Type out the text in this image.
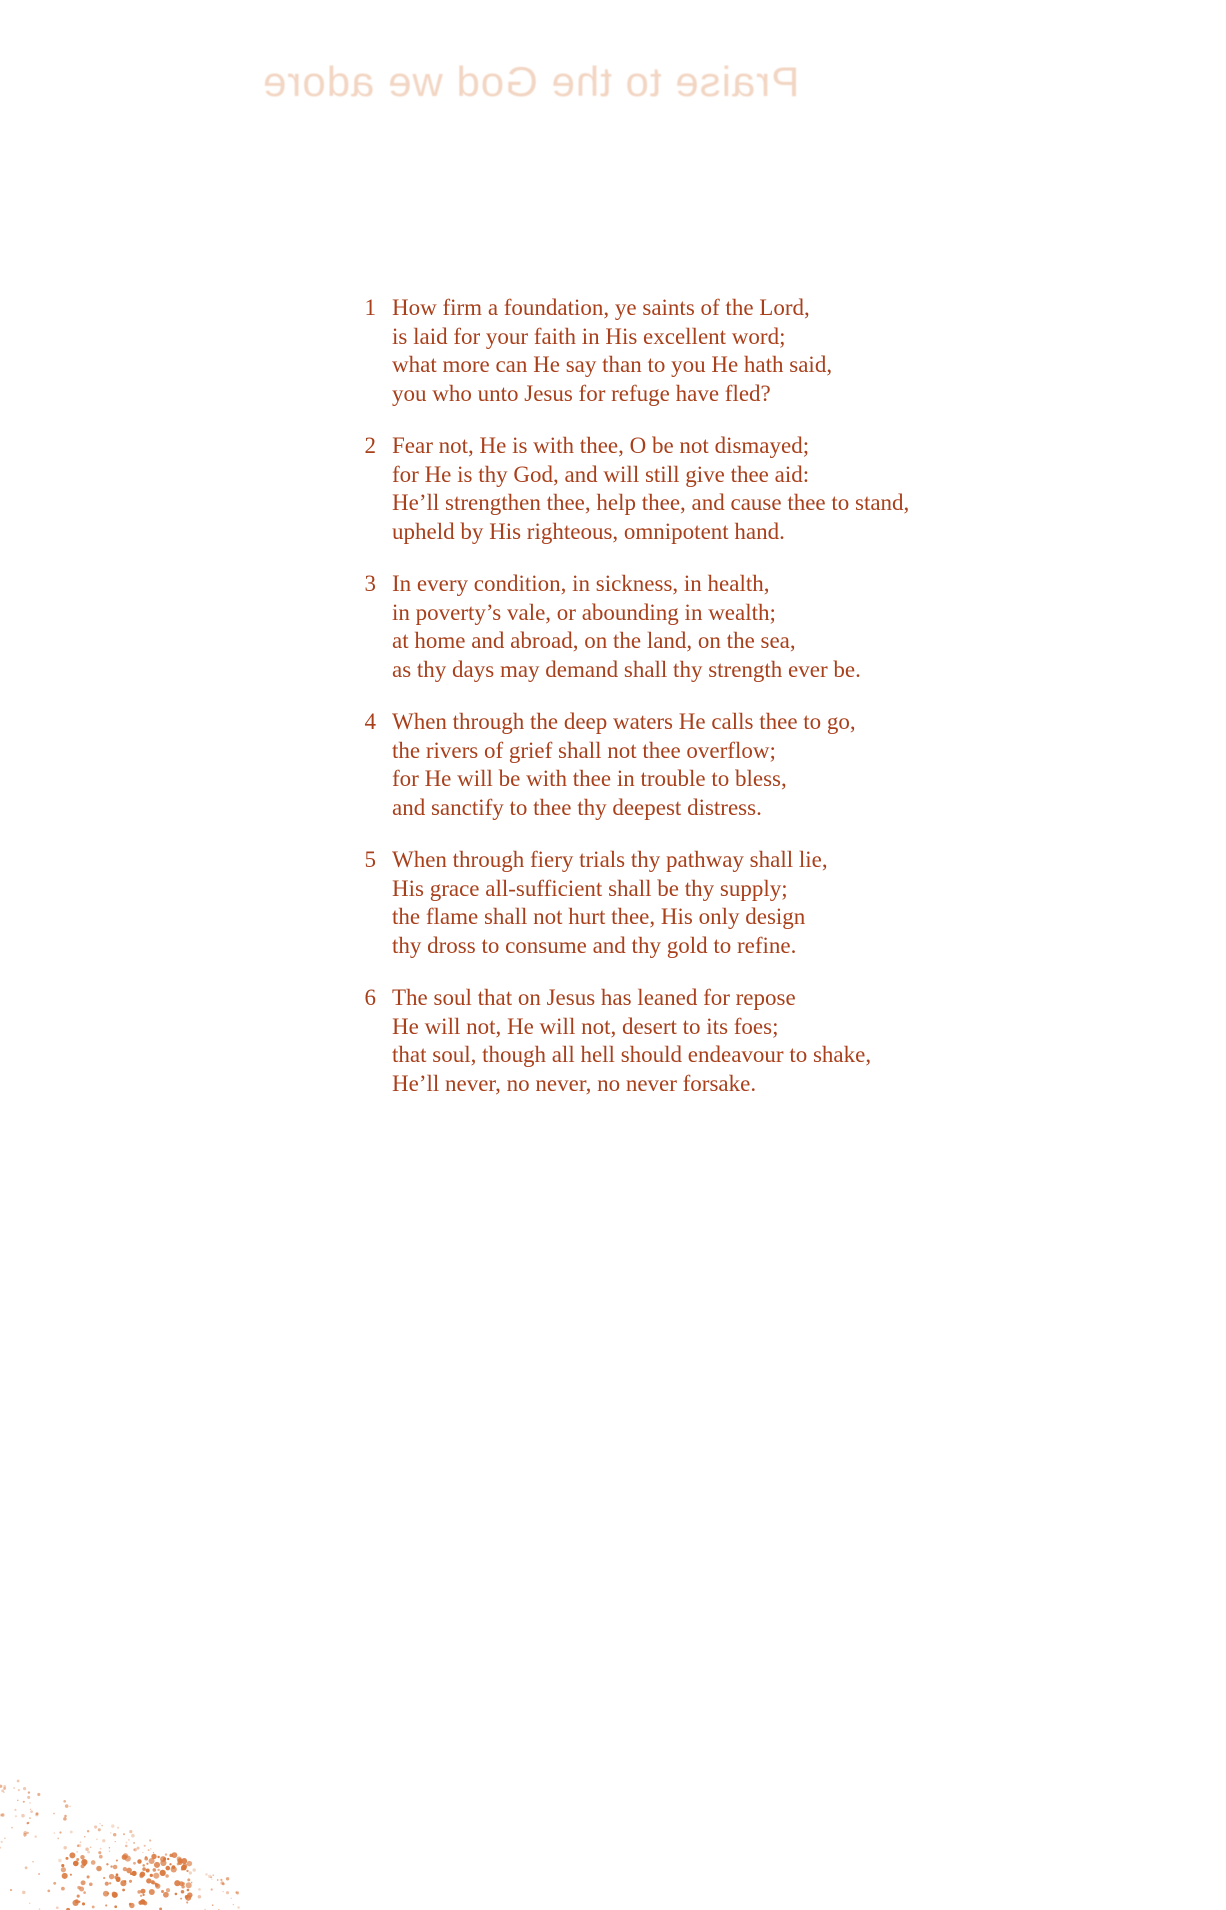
Praise to the God we adore
1 How firm a foundation, ye saints of the Lord,
is laid for your faith in His excellent word;
what more can He say than to you He hath said,
you who unto Jesus for refuge have fled?
2 Fear not, He is with thee, O be not dismayed;
for He is thy God, and will still give thee aid:
He’ll strengthen thee, help thee, and cause thee to stand,
upheld by His righteous, omnipotent hand.
3 In every condition, in sickness, in health,
in poverty’s vale, or abounding in wealth;
at home and abroad, on the land, on the sea,
as thy days may demand shall thy strength ever be.
4 When through the deep waters He calls thee to go,
the rivers of grief shall not thee overflow;
for He will be with thee in trouble to bless,
and sanctify to thee thy deepest distress.
5 When through fiery trials thy pathway shall lie,
His grace all-sufficient shall be thy supply;
the flame shall not hurt thee, His only design
thy dross to consume and thy gold to refine.
6 The soul that on Jesus has leaned for repose
He will not, He will not, desert to its foes;
that soul, though all hell should endeavour to shake,
He’ll never, no never, no never forsake.
